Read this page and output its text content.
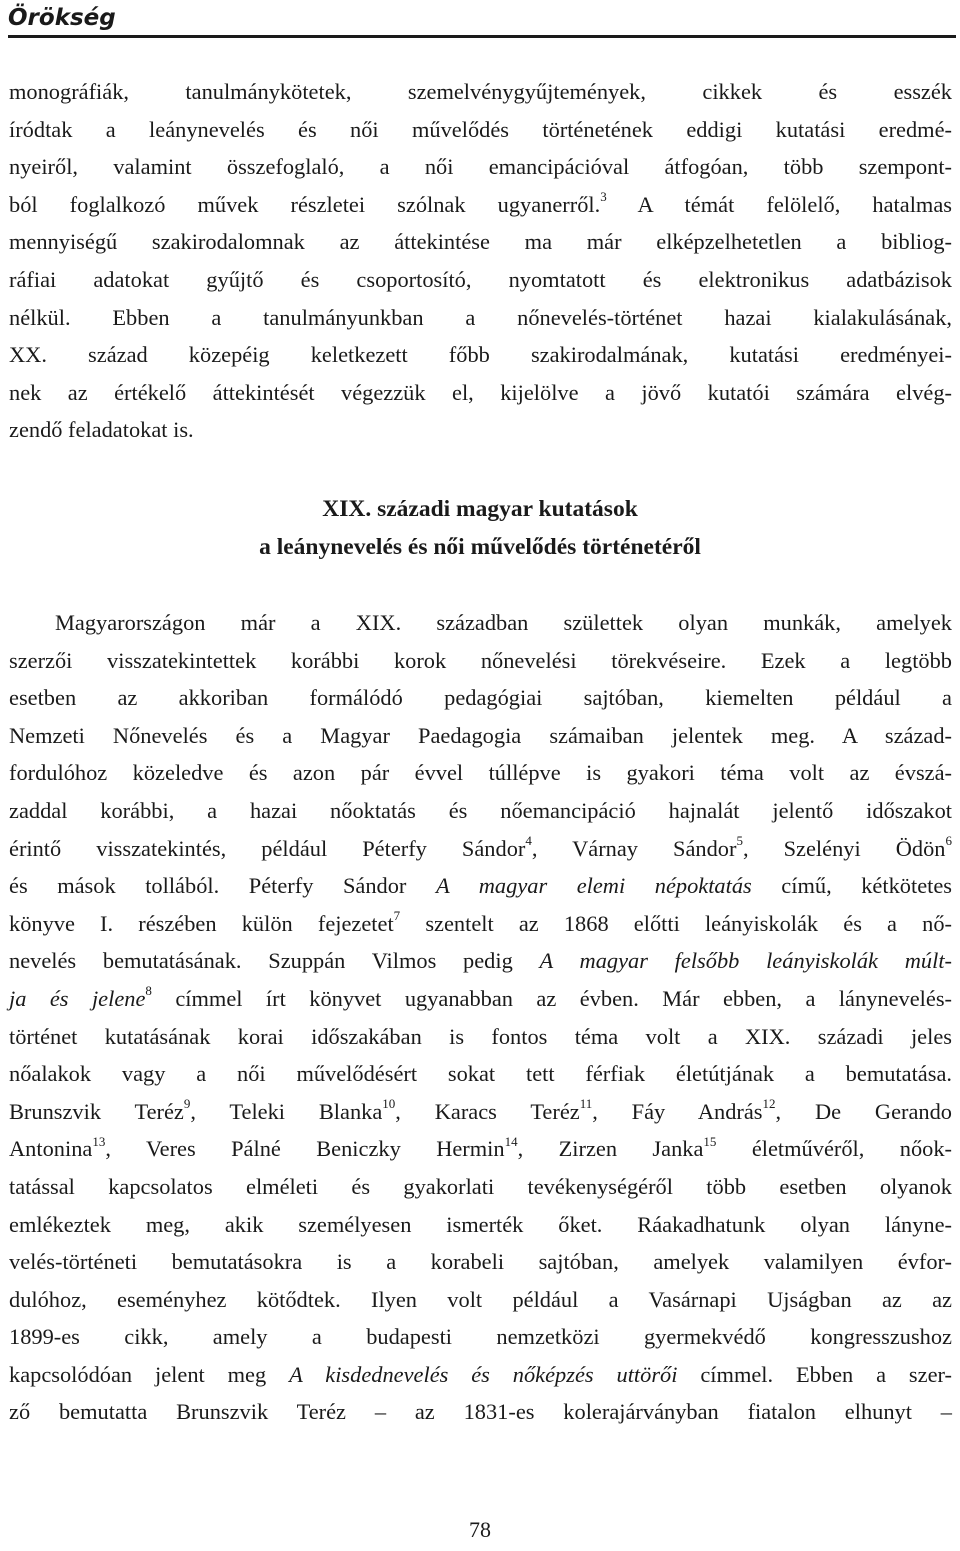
Örökség
monográfiák, tanulmánykötetek, szemelvénygyűjtemények, cikkek és esszék
íródtak a leánynevelés és női művelődés történetének eddigi kutatási eredmé-
nyeiről, valamint összefoglaló, a női emancipációval átfogóan, több szempont-
ból foglalkozó művek részletei szólnak ugyanerről.$^3$ A témát felölelő, hatalmas
mennyiségű szakirodalomnak az áttekintése ma már elképzelhetetlen a bibliog-
ráfiai adatokat gyűjtő és csoportosító, nyomtatott és elektronikus adatbázisok
nélkül. Ebben a tanulmányunkban a nőnevelés-történet hazai kialakulásának,
XX. század közepéig keletkezett főbb szakirodalmának, kutatási eredményei-
nek az értékelő áttekintését végezzük el, kijelölve a jövő kutatói számára elvég-
zendő feladatokat is.
XIX. századi magyar kutatások
a leánynevelés és női művelődés történetéről
Magyarországon már a XIX. században születtek olyan munkák, amelyek
szerzői visszatekintettek korábbi korok nőnevelési törekvéseire. Ezek a legtöbb
esetben az akkoriban formálódó pedagógiai sajtóban, kiemelten például a
Nemzeti Nőnevelés és a Magyar Paedagogia számaiban jelentek meg. A század-
fordulóhoz közeledve és azon pár évvel túllépve is gyakori téma volt az évszá-
zaddal korábbi, a hazai nőoktatás és nőemancipáció hajnalát jelentő időszakot
érintő visszatekintés, például Péterfy Sándor$^4$, Várnay Sándor$^5$, Szelényi Ödön$^6$
és mások tollából. Péterfy Sándor A magyar elemi népoktatás című, kétkötetes
könyve I. részében külön fejezetet$^7$ szentelt az 1868 előtti leányiskolák és a nő-
nevelés bemutatásának. Szuppán Vilmos pedig A magyar felsőbb leányiskolák múlt-
ja és jelene$^8$ címmel írt könyvet ugyanabban az évben. Már ebben, a lánynevelés-
történet kutatásának korai időszakában is fontos téma volt a XIX. századi jeles
nőalakok vagy a női művelődésért sokat tett férfiak életútjának a bemutatása.
Brunszvik Teréz$^9$, Teleki Blanka$^{10}$, Karacs Teréz$^{11}$, Fáy András$^{12}$, De Gerando
Antonina$^{13}$, Veres Pálné Beniczky Hermin$^{14}$, Zirzen Janka$^{15}$ életművéről, nőok-
tatással kapcsolatos elméleti és gyakorlati tevékenységéről több esetben olyanok
emlékeztek meg, akik személyesen ismerték őket. Ráakadhatunk olyan lánynе-
velés-történeti bemutatásokra is a korabeli sajtóban, amelyek valamilyen évfor-
dulóhoz, eseményhez kötődtek. Ilyen volt például a Vasárnapi Ujságban az az
1899-es cikk, amely a budapesti nemzetközi gyermekvédő kongresszushoz
kapcsolódóan jelent meg A kisdednevelés és nőképzés uttörői címmel. Ebben a szer-
ző bemutatta Brunszvik Teréz – az 1831-es kolerajárványban fiatalon elhunyt –
78
